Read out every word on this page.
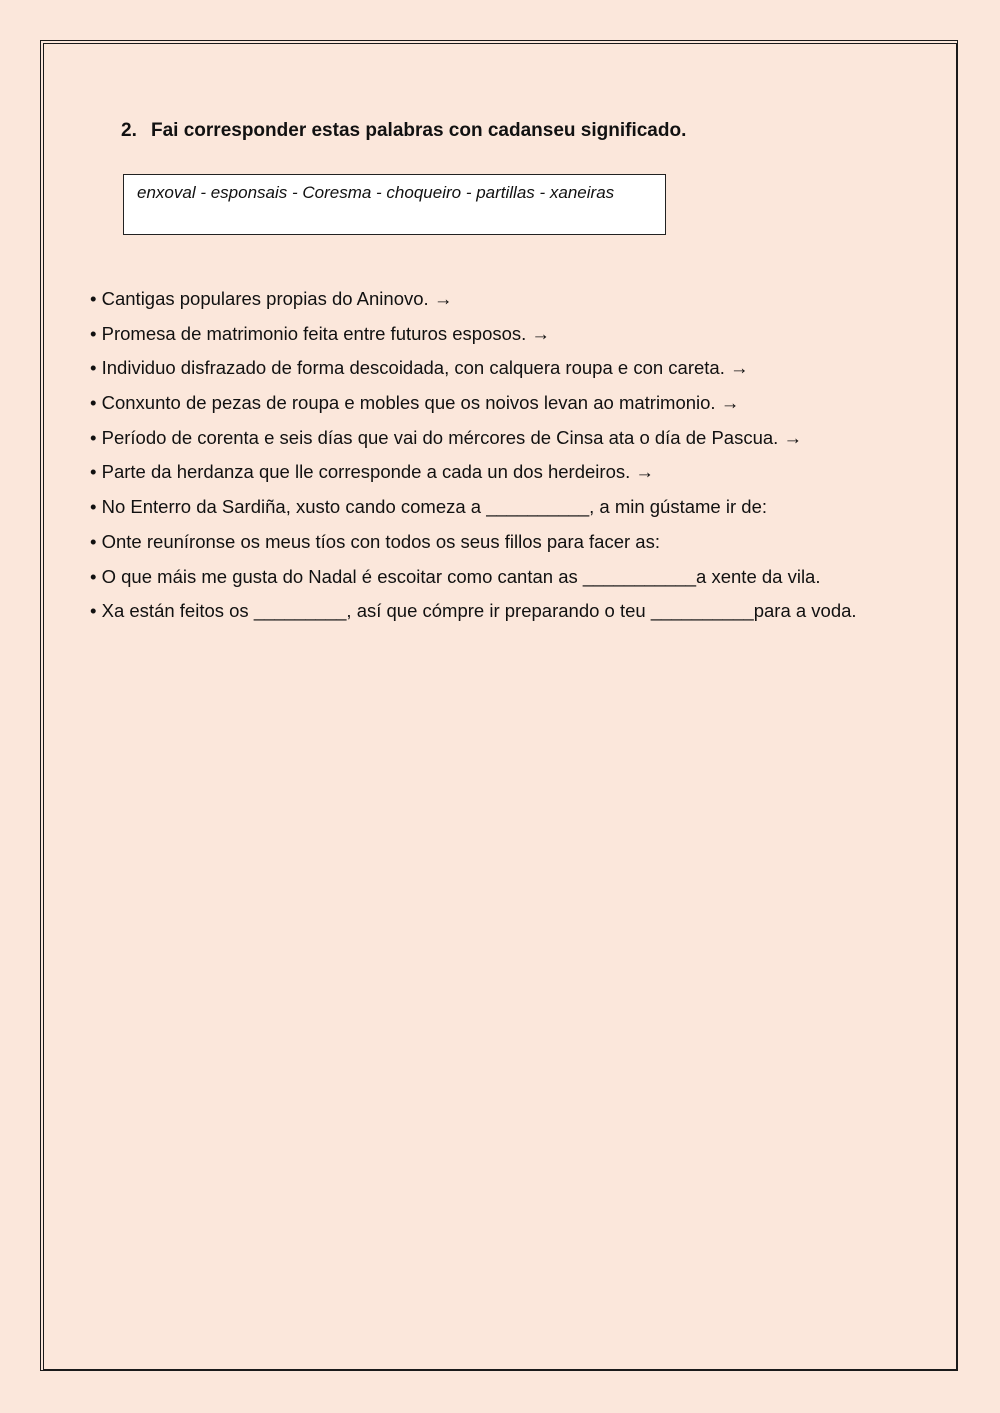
2. Fai corresponder estas palabras con cadanseu significado.
enxoval - esponsais - Coresma - choqueiro - partillas - xaneiras
• Cantigas populares propias do Aninovo. →
• Promesa de matrimonio feita entre futuros esposos. →
• Individuo disfrazado de forma descoidada, con calquera roupa e con careta. →
• Conxunto de pezas de roupa e mobles que os noivos levan ao matrimonio. →
• Período de corenta e seis días que vai do mércores de Cinsa ata o día de Pascua. →
• Parte da herdanza que lle corresponde a cada un dos herdeiros. →
• No Enterro da Sardiña, xusto cando comeza a __________, a min gústame ir de:
• Onte reuníronse os meus tíos con todos os seus fillos para facer as:
• O que máis me gusta do Nadal é escoitar como cantan as ___________a xente da vila.
• Xa están feitos os _________, así que cómpre ir preparando o teu __________para a voda.
